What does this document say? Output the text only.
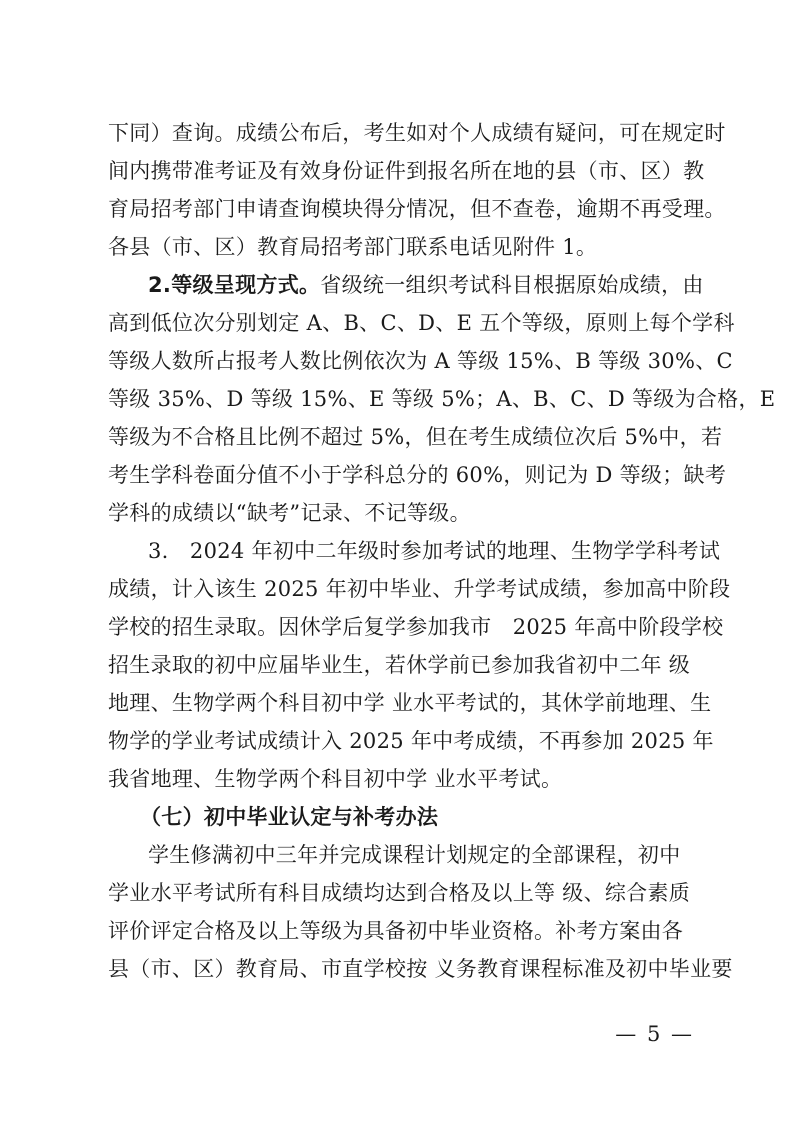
下同）查询。成绩公布后，考生如对个人成绩有疑问，可在规定时
间内携带准考证及有效身份证件到报名所在地的县（市、区）教
育局招考部门申请查询模块得分情况，但不查卷，逾期不再受理。
各县（市、区）教育局招考部门联系电话见附件 1。
2.等级呈现方式。省级统一组织考试科目根据原始成绩，由
高到低位次分别划定 A、B、C、D、E 五个等级，原则上每个学科
等级人数所占报考人数比例依次为 A 等级 15%、B 等级 30%、C
等级 35%、D 等级 15%、E 等级 5%；A、B、C、D 等级为合格，E
等级为不合格且比例不超过 5%，但在考生成绩位次后 5%中，若
考生学科卷面分值不小于学科总分的 60%，则记为 D 等级；缺考
学科的成绩以“缺考”记录、不记等级。
3.　2024 年初中二年级时参加考试的地理、生物学学科考试
成绩，计入该生 2025 年初中毕业、升学考试成绩，参加高中阶段
学校的招生录取。因休学后复学参加我市　2025 年高中阶段学校
招生录取的初中应届毕业生，若休学前已参加我省初中二年 级
地理、生物学两个科目初中学 业水平考试的，其休学前地理、生
物学的学业考试成绩计入 2025 年中考成绩，不再参加 2025 年
我省地理、生物学两个科目初中学 业水平考试。
（七）初中毕业认定与补考办法
学生修满初中三年并完成课程计划规定的全部课程，初中
学业水平考试所有科目成绩均达到合格及以上等 级、综合素质
评价评定合格及以上等级为具备初中毕业资格。补考方案由各
县（市、区）教育局、市直学校按 义务教育课程标准及初中毕业要
— 5 —
